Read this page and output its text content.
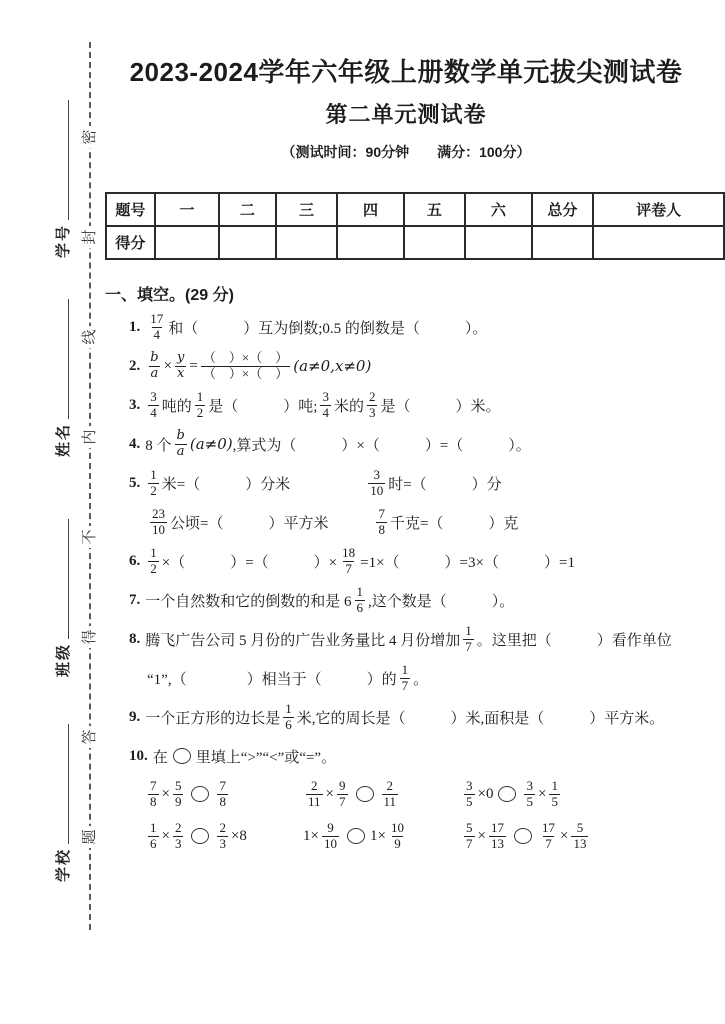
密
封
线
内
不
得
答
题
学号
姓名
班级
学校
2023-2024学年六年级上册数学单元拔尖测试卷
第二单元测试卷
（测试时间：90分钟　　满分：100分）
题号	一	二	三	四	五	六	总分	评卷人
得分								
一、填空。(29 分)
1. $\frac{17}{4}$ 和（　　　）互为倒数;0.5 的倒数是（　　　）。
2. $\frac{b}{a} \times \frac{y}{x} = \frac{( )\times( )}{( )\times( )} (a\ne 0,x\ne 0)$
3. $\frac{3}{4}$ 吨的 $\frac{1}{2}$ 是（　　　）吨; $\frac{3}{4}$ 米的 $\frac{2}{3}$ 是（　　　）米。
4. 8 个 $\frac{b}{a} (a\ne 0)$ ,算式为（　　　）×（　　　）=（　　　）。
5. $\frac{1}{2}$ 米=（　　　）分米　　　　　 $\frac{3}{10}$ 时=（　　　）分
$\frac{23}{10}$ 公顷=（　　　）平方米　　　 $\frac{7}{8}$ 千克=（　　　）克
6. $\frac{1}{2}$ ×（　　　）=（　　　）× $\frac{18}{7} =1\times$（　　　）=3×（　　　）=1
7. 一个自然数和它的倒数的和是 $6 \frac{1}{6}$ ,这个数是（　　　）。
8. 腾飞广告公司 5 月份的广告业务量比 4 月份增加 $\frac{1}{7}$ 。这里把（　　　）看作单位
“1”,（　　　　）相当于（　　　）的 $\frac{1}{7}$ 。
9. 一个正方形的边长是 $\frac{1}{6}$ 米,它的周长是（　　　）米,面积是（　　　）平方米。
10. 在 里填上“>”“<”或“=”。
$\frac{7}{8} \times \frac{5}{9}$	$\frac{7}{8}$	$\frac{2}{11} \times \frac{9}{7}$	$\frac{2}{11}$	$\frac{3}{5} \times 0 \frac{3}{5} \times \frac{1}{5}$
$\frac{1}{6} \times \frac{2}{3}$	$\frac{2}{3} \times 8$	$1\times \frac{9}{10} 1\times \frac{10}{9}$	$\frac{5}{7} \times \frac{17}{13}$	$\frac{17}{7} \times \frac{5}{13}$
